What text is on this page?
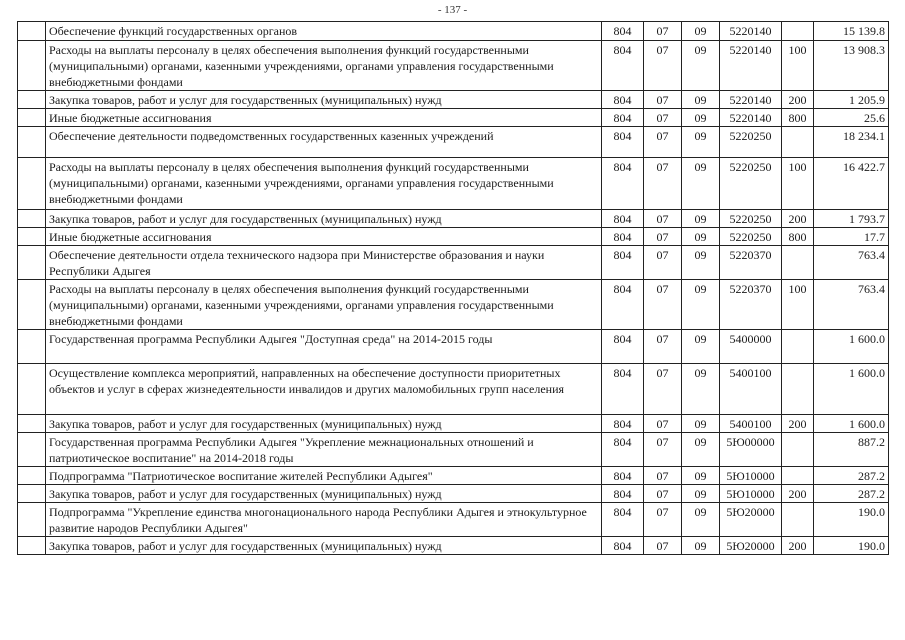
- 137 -
	Обеспечение функций государственных органов	804	07	09	5220140		15 139.8
	Расходы на выплаты персоналу в целях обеспечения выполнения функций государственными (муниципальными) органами, казенными учреждениями, органами управления государственными внебюджетными фондами	804	07	09	5220140	100	13 908.3
	Закупка товаров, работ и услуг для государственных (муниципальных) нужд	804	07	09	5220140	200	1 205.9
	Иные бюджетные ассигнования	804	07	09	5220140	800	25.6
	Обеспечение деятельности подведомственных государственных казенных учреждений	804	07	09	5220250		18 234.1
	Расходы на выплаты персоналу в целях обеспечения выполнения функций государственными (муниципальными) органами, казенными учреждениями, органами управления государственными внебюджетными фондами	804	07	09	5220250	100	16 422.7
	Закупка товаров, работ и услуг для государственных (муниципальных) нужд	804	07	09	5220250	200	1 793.7
	Иные бюджетные ассигнования	804	07	09	5220250	800	17.7
	Обеспечение деятельности отдела технического надзора при Министерстве образования и науки Республики Адыгея	804	07	09	5220370		763.4
	Расходы на выплаты персоналу в целях обеспечения выполнения функций государственными (муниципальными) органами, казенными учреждениями, органами управления государственными внебюджетными фондами	804	07	09	5220370	100	763.4
	Государственная программа Республики Адыгея "Доступная среда" на 2014-2015 годы	804	07	09	5400000		1 600.0
	Осуществление комплекса мероприятий, направленных на обеспечение доступности приоритетных объектов и услуг в сферах жизнедеятельности инвалидов и других маломобильных групп населения	804	07	09	5400100		1 600.0
	Закупка товаров, работ и услуг для государственных (муниципальных) нужд	804	07	09	5400100	200	1 600.0
	Государственная программа Республики Адыгея "Укрепление межнациональных отношений и патриотическое воспитание" на 2014-2018 годы	804	07	09	5Ю00000		887.2
	Подпрограмма "Патриотическое воспитание жителей Республики Адыгея"	804	07	09	5Ю10000		287.2
	Закупка товаров, работ и услуг для государственных (муниципальных) нужд	804	07	09	5Ю10000	200	287.2
	Подпрограмма "Укрепление единства многонационального народа Республики Адыгея и этнокультурное развитие народов Республики Адыгея"	804	07	09	5Ю20000		190.0
	Закупка товаров, работ и услуг для государственных (муниципальных) нужд	804	07	09	5Ю20000	200	190.0
